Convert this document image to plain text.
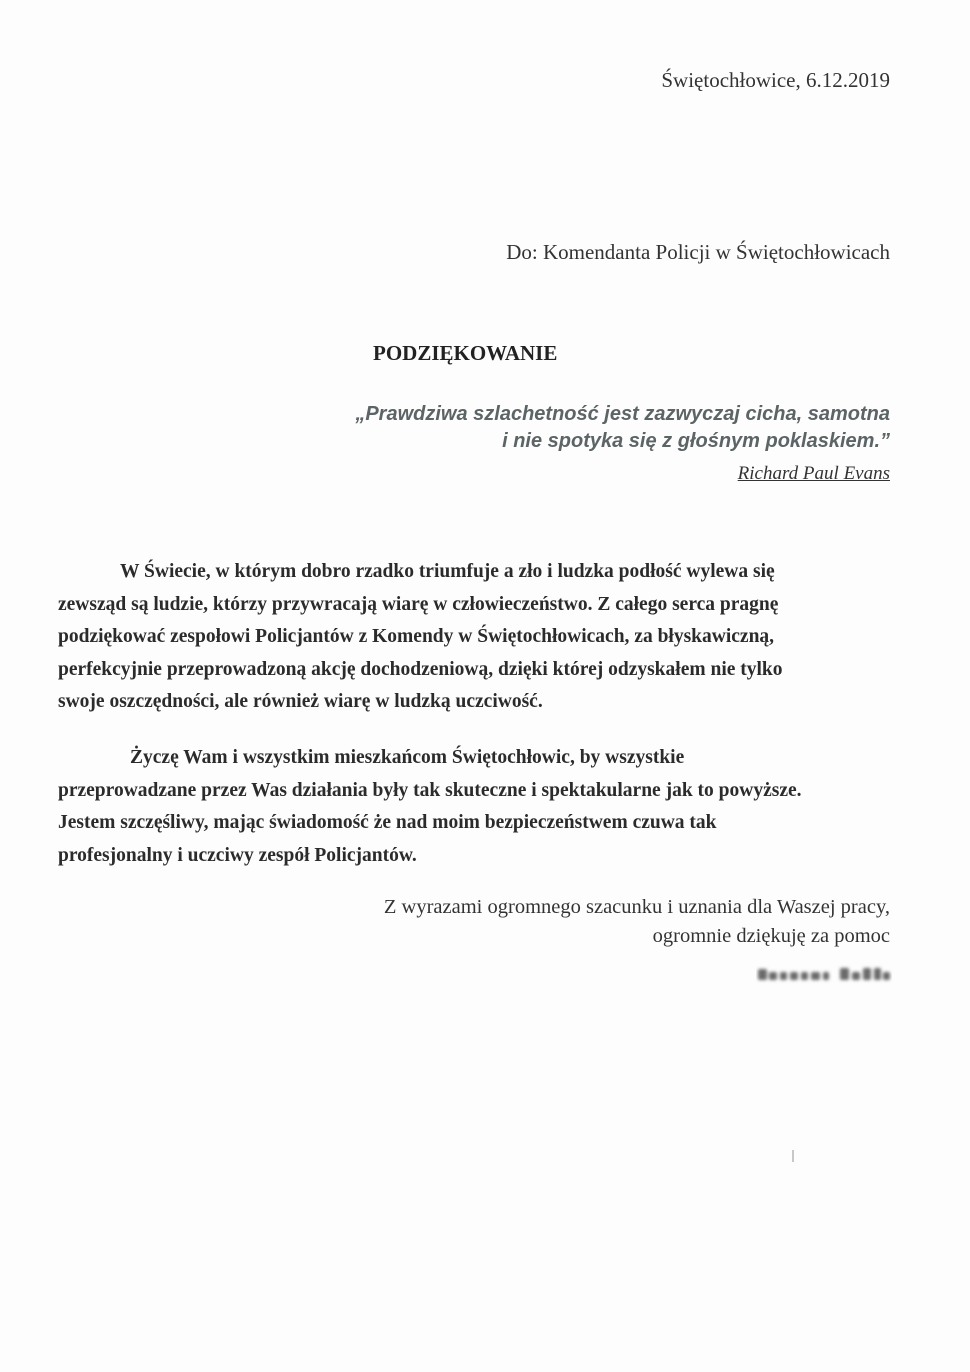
Świętochłowice, 6.12.2019
Do: Komendanta Policji w Świętochłowicach
PODZIĘKOWANIE
„Prawdziwa szlachetność jest zazwyczaj cicha, samotna
i nie spotyka się z głośnym poklaskiem.”
Richard Paul Evans
W Świecie, w którym dobro rzadko triumfuje a zło i ludzka podłość wylewa się
zewsząd są ludzie, którzy przywracają wiarę w człowieczeństwo. Z całego serca pragnę
podziękować zespołowi Policjantów z Komendy w Świętochłowicach, za błyskawiczną,
perfekcyjnie przeprowadzoną akcję dochodzeniową, dzięki której odzyskałem nie tylko
swoje oszczędności, ale również wiarę w ludzką uczciwość.
Życzę Wam i wszystkim mieszkańcom Świętochłowic, by wszystkie
przeprowadzane przez Was działania były tak skuteczne i spektakularne jak to powyższe.
Jestem szczęśliwy, mając świadomość że nad moim bezpieczeństwem czuwa tak
profesjonalny i uczciwy zespół Policjantów.
Z wyrazami ogromnego szacunku i uznania dla Waszej pracy,
ogromnie dziękuję za pomoc
